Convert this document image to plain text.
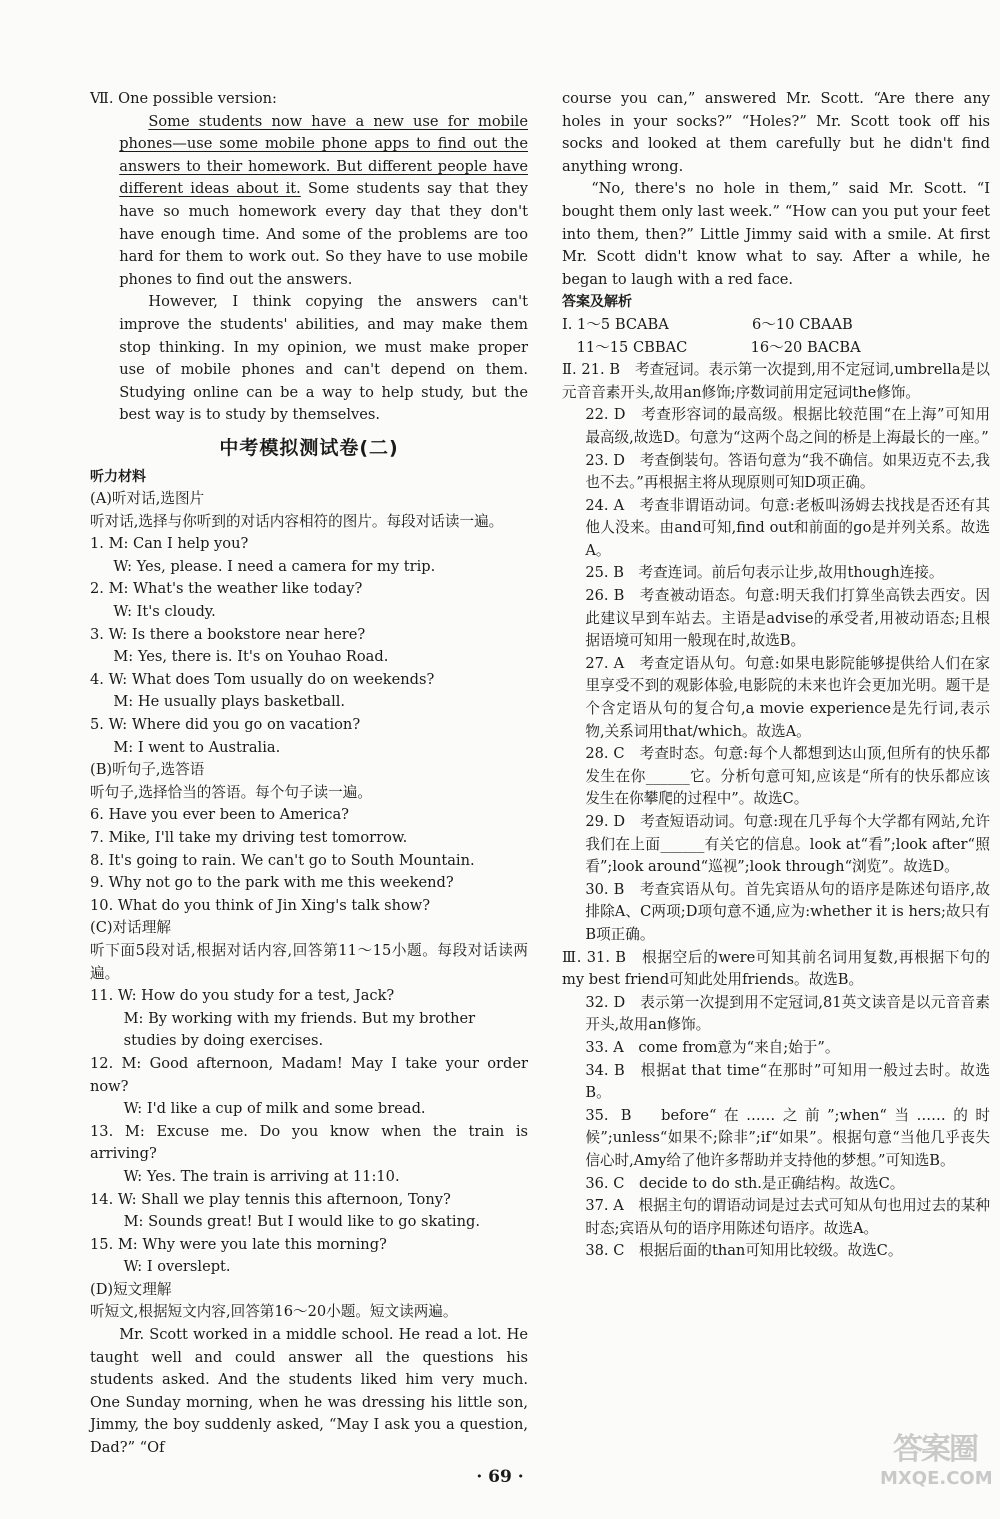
Ⅶ. One possible version:

Some students now have a new use for mobile phones—use some mobile phone apps to find out the answers to their homework. But different people have different ideas about it. Some students say that they have so much homework every day that they don't have enough time. And some of the problems are too hard for them to work out. So they have to use mobile phones to find out the answers.

However, I think copying the answers can't improve the students' abilities, and may make them stop thinking. In my opinion, we must make proper use of mobile phones and can't depend on them. Studying online can be a way to help study, but the best way is to study by themselves.

中考模拟测试卷(二)

听力材料

(A)听对话,选图片

听对话,选择与你听到的对话内容相符的图片。每段对话读一遍。

1. M: Can I help you?

W: Yes, please. I need a camera for my trip.

2. M: What's the weather like today?

W: It's cloudy.

3. W: Is there a bookstore near here?

M: Yes, there is. It's on Youhao Road.

4. W: What does Tom usually do on weekends?

M: He usually plays basketball.

5. W: Where did you go on vacation?

M: I went to Australia.

(B)听句子,选答语

听句子,选择恰当的答语。每个句子读一遍。

6. Have you ever been to America?

7. Mike, I'll take my driving test tomorrow.

8. It's going to rain. We can't go to South Mountain.

9. Why not go to the park with me this weekend?

10. What do you think of Jin Xing's talk show?

(C)对话理解

听下面5段对话,根据对话内容,回答第11～15小题。每段对话读两遍。

11. W: How do you study for a test, Jack?

M: By working with my friends. But my brother studies by doing exercises.

12. M: Good afternoon, Madam! May I take your order now?

W: I'd like a cup of milk and some bread.

13. M: Excuse me. Do you know when the train is arriving?

W: Yes. The train is arriving at 11:10.

14. W: Shall we play tennis this afternoon, Tony?

M: Sounds great! But I would like to go skating.

15. M: Why were you late this morning?

W: I overslept.

(D)短文理解

听短文,根据短文内容,回答第16～20小题。短文读两遍。

Mr. Scott worked in a middle school. He read a lot. He taught well and could answer all the questions his students asked. And the students liked him very much. One Sunday morning, when he was dressing his little son, Jimmy, the boy suddenly asked, “May I ask you a question, Dad?” “Of

course you can,” answered Mr. Scott. “Are there any holes in your socks?” “Holes?” Mr. Scott took off his socks and looked at them carefully but he didn't find anything wrong.

“No, there's no hole in them,” said Mr. Scott. “I bought them only last week.” “How can you put your feet into them, then?” Little Jimmy said with a smile. At first Mr. Scott didn't know what to say. After a while, he began to laugh with a red face.

答案及解析

Ⅰ. 1～5 BCABA	6～10 CBAAB

11～15 CBBAC	16～20 BACBA

Ⅱ. 21. B　 考查冠词。表示第一次提到,用不定冠词,umbrella是以元音音素开头,故用an修饰;序数词前用定冠词the修饰。

22. D　 考查形容词的最高级。根据比较范围“在上海”可知用最高级,故选D。句意为“这两个岛之间的桥是上海最长的一座。”

23. D　 考查倒装句。答语句意为“我不确信。如果迈克不去,我也不去。”再根据主将从现原则可知D项正确。

24. A　 考查非谓语动词。句意:老板叫汤姆去找找是否还有其他人没来。由and可知,find out和前面的go是并列关系。故选A。

25. B　 考查连词。前后句表示让步,故用though连接。

26. B　 考查被动语态。句意:明天我们打算坐高铁去西安。因此建议早到车站去。主语是advise的承受者,用被动语态;且根据语境可知用一般现在时,故选B。

27. A　 考查定语从句。句意:如果电影院能够提供给人们在家里享受不到的观影体验,电影院的未来也许会更加光明。题干是个含定语从句的复合句,a movie experience是先行词,表示物,关系词用that/which。故选A。

28. C　 考查时态。句意:每个人都想到达山顶,但所有的快乐都发生在你______它。分析句意可知,应该是“所有的快乐都应该发生在你攀爬的过程中”。故选C。

29. D　 考查短语动词。句意:现在几乎每个大学都有网站,允许我们在上面______有关它的信息。look at“看”;look after“照看”;look around“巡视”;look through“浏览”。故选D。

30. B　 考查宾语从句。首先宾语从句的语序是陈述句语序,故排除A、C两项;D项句意不通,应为:whether it is hers;故只有B项正确。

Ⅲ. 31. B　 根据空后的were可知其前名词用复数,再根据下句的my best friend可知此处用friends。故选B。

32. D　 表示第一次提到用不定冠词,81英文读音是以元音音素开头,故用an修饰。

33. A　 come from意为“来自;始于”。

34. B　 根据at that time“在那时”可知用一般过去时。故选B。

35. B　 before“在……之前”;when“当……的时候”;unless“如果不;除非”;if“如果”。根据句意“当他几乎丧失信心时,Amy给了他许多帮助并支持他的梦想。”可知选B。

36. C　 decide to do sth.是正确结构。故选C。

37. A　 根据主句的谓语动词是过去式可知从句也用过去的某种时态;宾语从句的语序用陈述句语序。故选A。

38. C　 根据后面的than可知用比较级。故选C。

· 69 ·
答案圈
MXQE.COM
